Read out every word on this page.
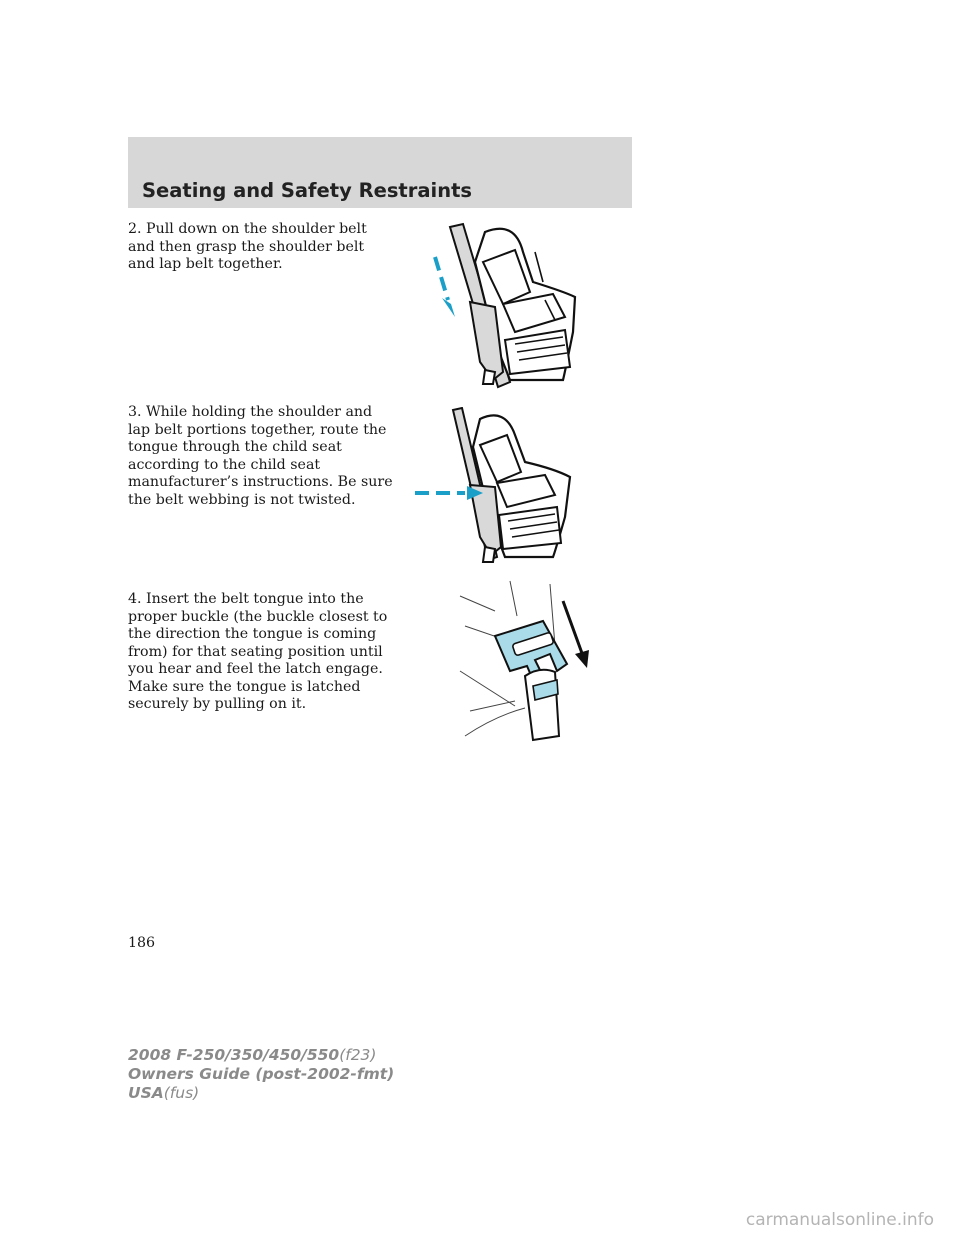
Seating and Safety Restraints

2. Pull down on the shoulder belt and then grasp the shoulder belt and lap belt together.

3. While holding the shoulder and lap belt portions together, route the tongue through the child seat according to the child seat manufacturer’s instructions. Be sure the belt webbing is not twisted.

4. Insert the belt tongue into the proper buckle (the buckle closest to the direction the tongue is coming from) for that seating position until you hear and feel the latch engage. Make sure the tongue is latched securely by pulling on it.

186
2008 F-250/350/450/550(f23)
Owners Guide (post-2002-fmt)
USA(fus)
carmanualsonline.info
